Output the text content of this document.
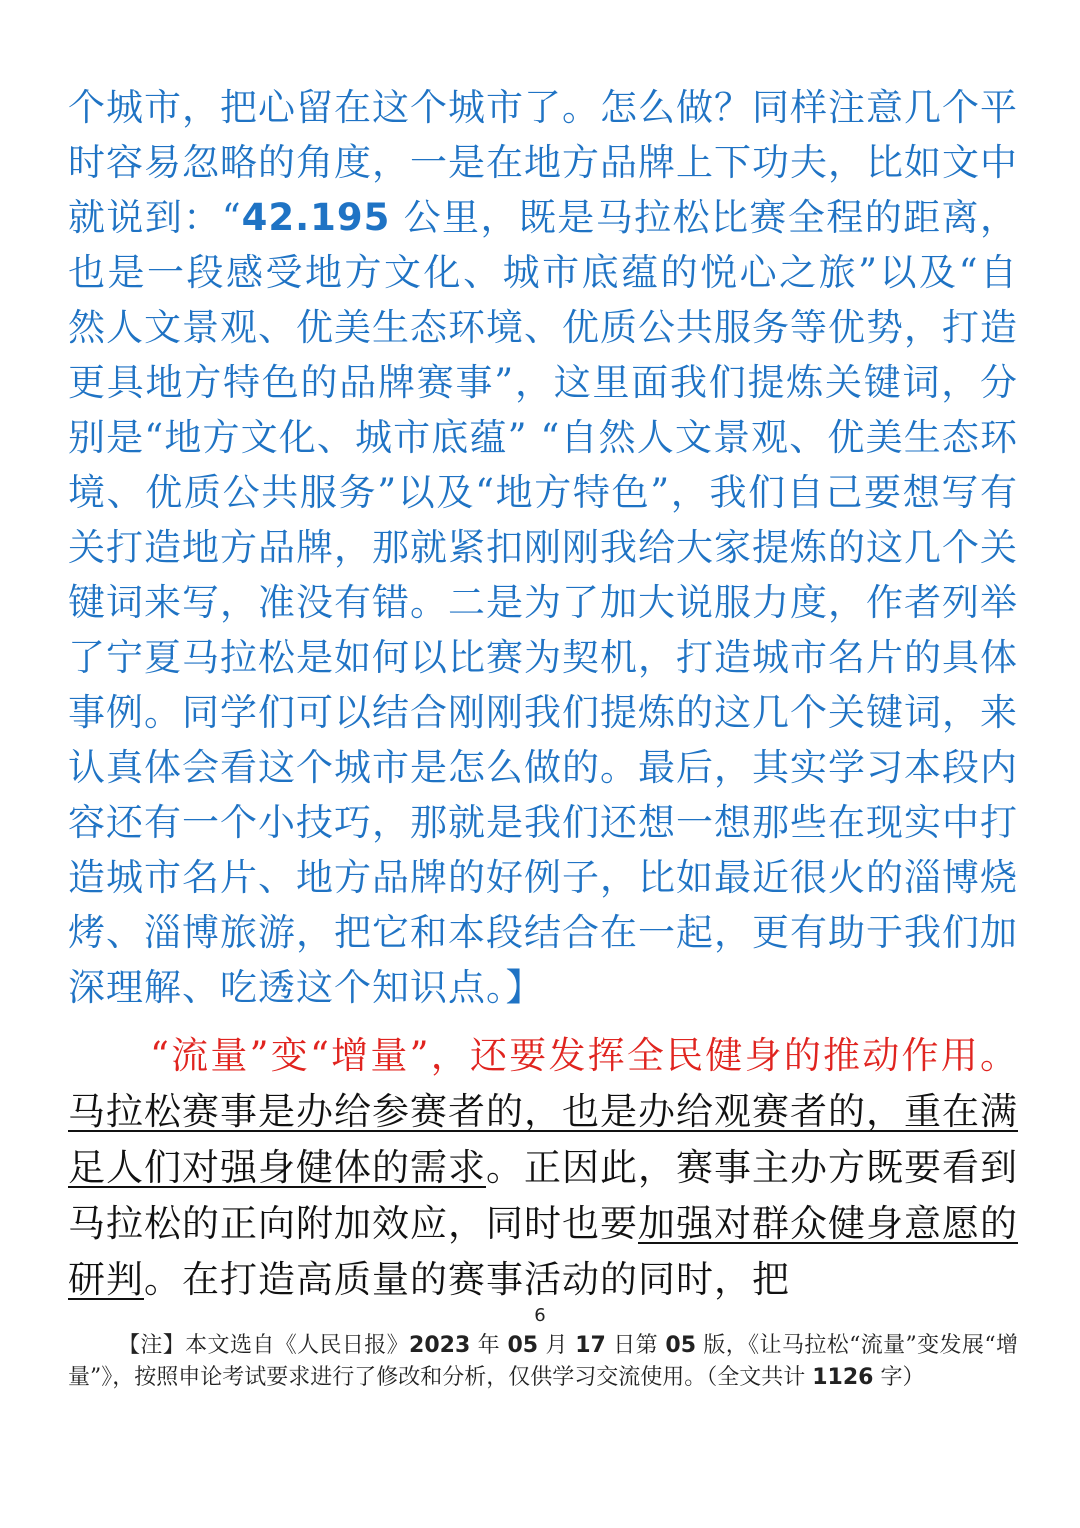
个城市，把心留在这个城市了。怎么做？同样注意几个平时容易忽略的角度，一是在地方品牌上下功夫，比如文中就说到：“42.195 公里，既是马拉松比赛全程的距离，也是一段感受地方文化、城市底蕴的悦心之旅”以及“自然人文景观、优美生态环境、优质公共服务等优势，打造更具地方特色的品牌赛事”，这里面我们提炼关键词，分别是“地方文化、城市底蕴” “自然人文景观、优美生态环境、优质公共服务”以及“地方特色”，我们自己要想写有关打造地方品牌，那就紧扣刚刚我给大家提炼的这几个关键词来写，准没有错。二是为了加大说服力度，作者列举了宁夏马拉松是如何以比赛为契机，打造城市名片的具体事例。同学们可以结合刚刚我们提炼的这几个关键词，来认真体会看这个城市是怎么做的。最后，其实学习本段内容还有一个小技巧，那就是我们还想一想那些在现实中打造城市名片、地方品牌的好例子，比如最近很火的淄博烧烤、淄博旅游，把它和本段结合在一起，更有助于我们加深理解、吃透这个知识点。】
“流量”变“增量”，还要发挥全民健身的推动作用。马拉松赛事是办给参赛者的，也是办给观赛者的，重在满足人们对强身健体的需求。正因此，赛事主办方既要看到马拉松的正向附加效应，同时也要加强对群众健身意愿的研判。在打造高质量的赛事活动的同时，把
6
【注】本文选自《人民日报》2023 年 05 月 17 日第 05 版，《让马拉松“流量”变发展“增量”》，按照申论考试要求进行了修改和分析，仅供学习交流使用。（全文共计 1126 字）
